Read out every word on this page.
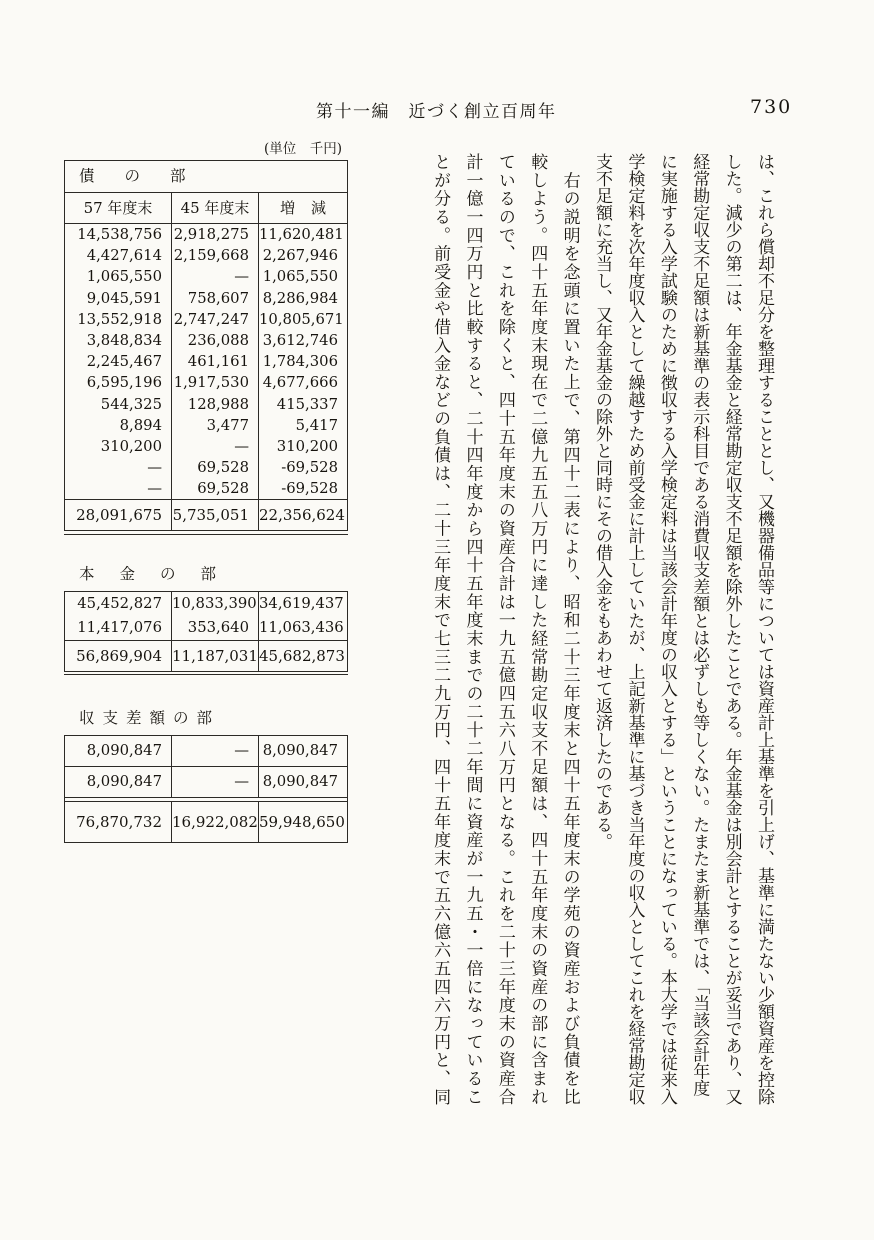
第十一編　近づく創立百周年	730
(単位　千円)
債の部
57 年度末	45 年度末	増減
14,538,756 2,918,275 11,620,481
4,427,614 2,159,668 2,267,946
1,065,550	— 1,065,550
9,045,591	758,607 8,286,984
13,552,918 2,747,247 10,805,671
3,848,834	236,088 3,612,746
2,245,467	461,161 1,784,306
6,595,196 1,917,530 4,677,666
544,325	128,988	415,337
8,894	3,477	5,417
310,200	—	310,200
—	69,528	-69,528
—	69,528	-69,528
28,091,675 5,735,051 22,356,624
本金の部
45,452,827 10,833,390 34,619,437
11,417,076	353,640 11,063,436
56,869,904 11,187,031 45,682,873
収支差額の部
8,090,847	— 8,090,847
8,090,847	— 8,090,847
76,870,732 16,922,082 59,948,650	は、これら償却不足分を整理することとし、又機器備品等については資産計上基準を引上げ、基準に満たない少額資産を控除
した。減少の第二は、年金基金と経常勘定収支不足額を除外したことである。年金基金は別会計とすることが妥当であり、又
経常勘定収支不足額は新基準の表示科目である消費収支差額とは必ずしも等しくない。たまたま新基準では、「当該会計年度
に実施する入学試験のために徴収する入学検定料は当該会計年度の収入とする」ということになっている。本大学では従来入
学検定料を次年度収入として繰越すため前受金に計上していたが、上記新基準に基づき当年度の収入としてこれを経常勘定収
支不足額に充当し、又年金基金の除外と同時にその借入金をもあわせて返済したのである。
　右の説明を念頭に置いた上で、第四十二表により、昭和二十三年度末と四十五年度末の学苑の資産および負債を比
較しよう。四十五年度末現在で二億九五五八万円に達した経常勘定収支不足額は、四十五年度末の資産の部に含まれ
ているので、これを除くと、四十五年度末の資産合計は一九五億四五六八万円となる。これを二十三年度末の資産合
計一億一四万円と比較すると、二十四年度から四十五年度末までの二十二年間に資産が一九五・一倍になっているこ
とが分る。前受金や借入金などの負債は、二十三年度末で七三二九万円、四十五年度末で五六億六五四六万円と、同
